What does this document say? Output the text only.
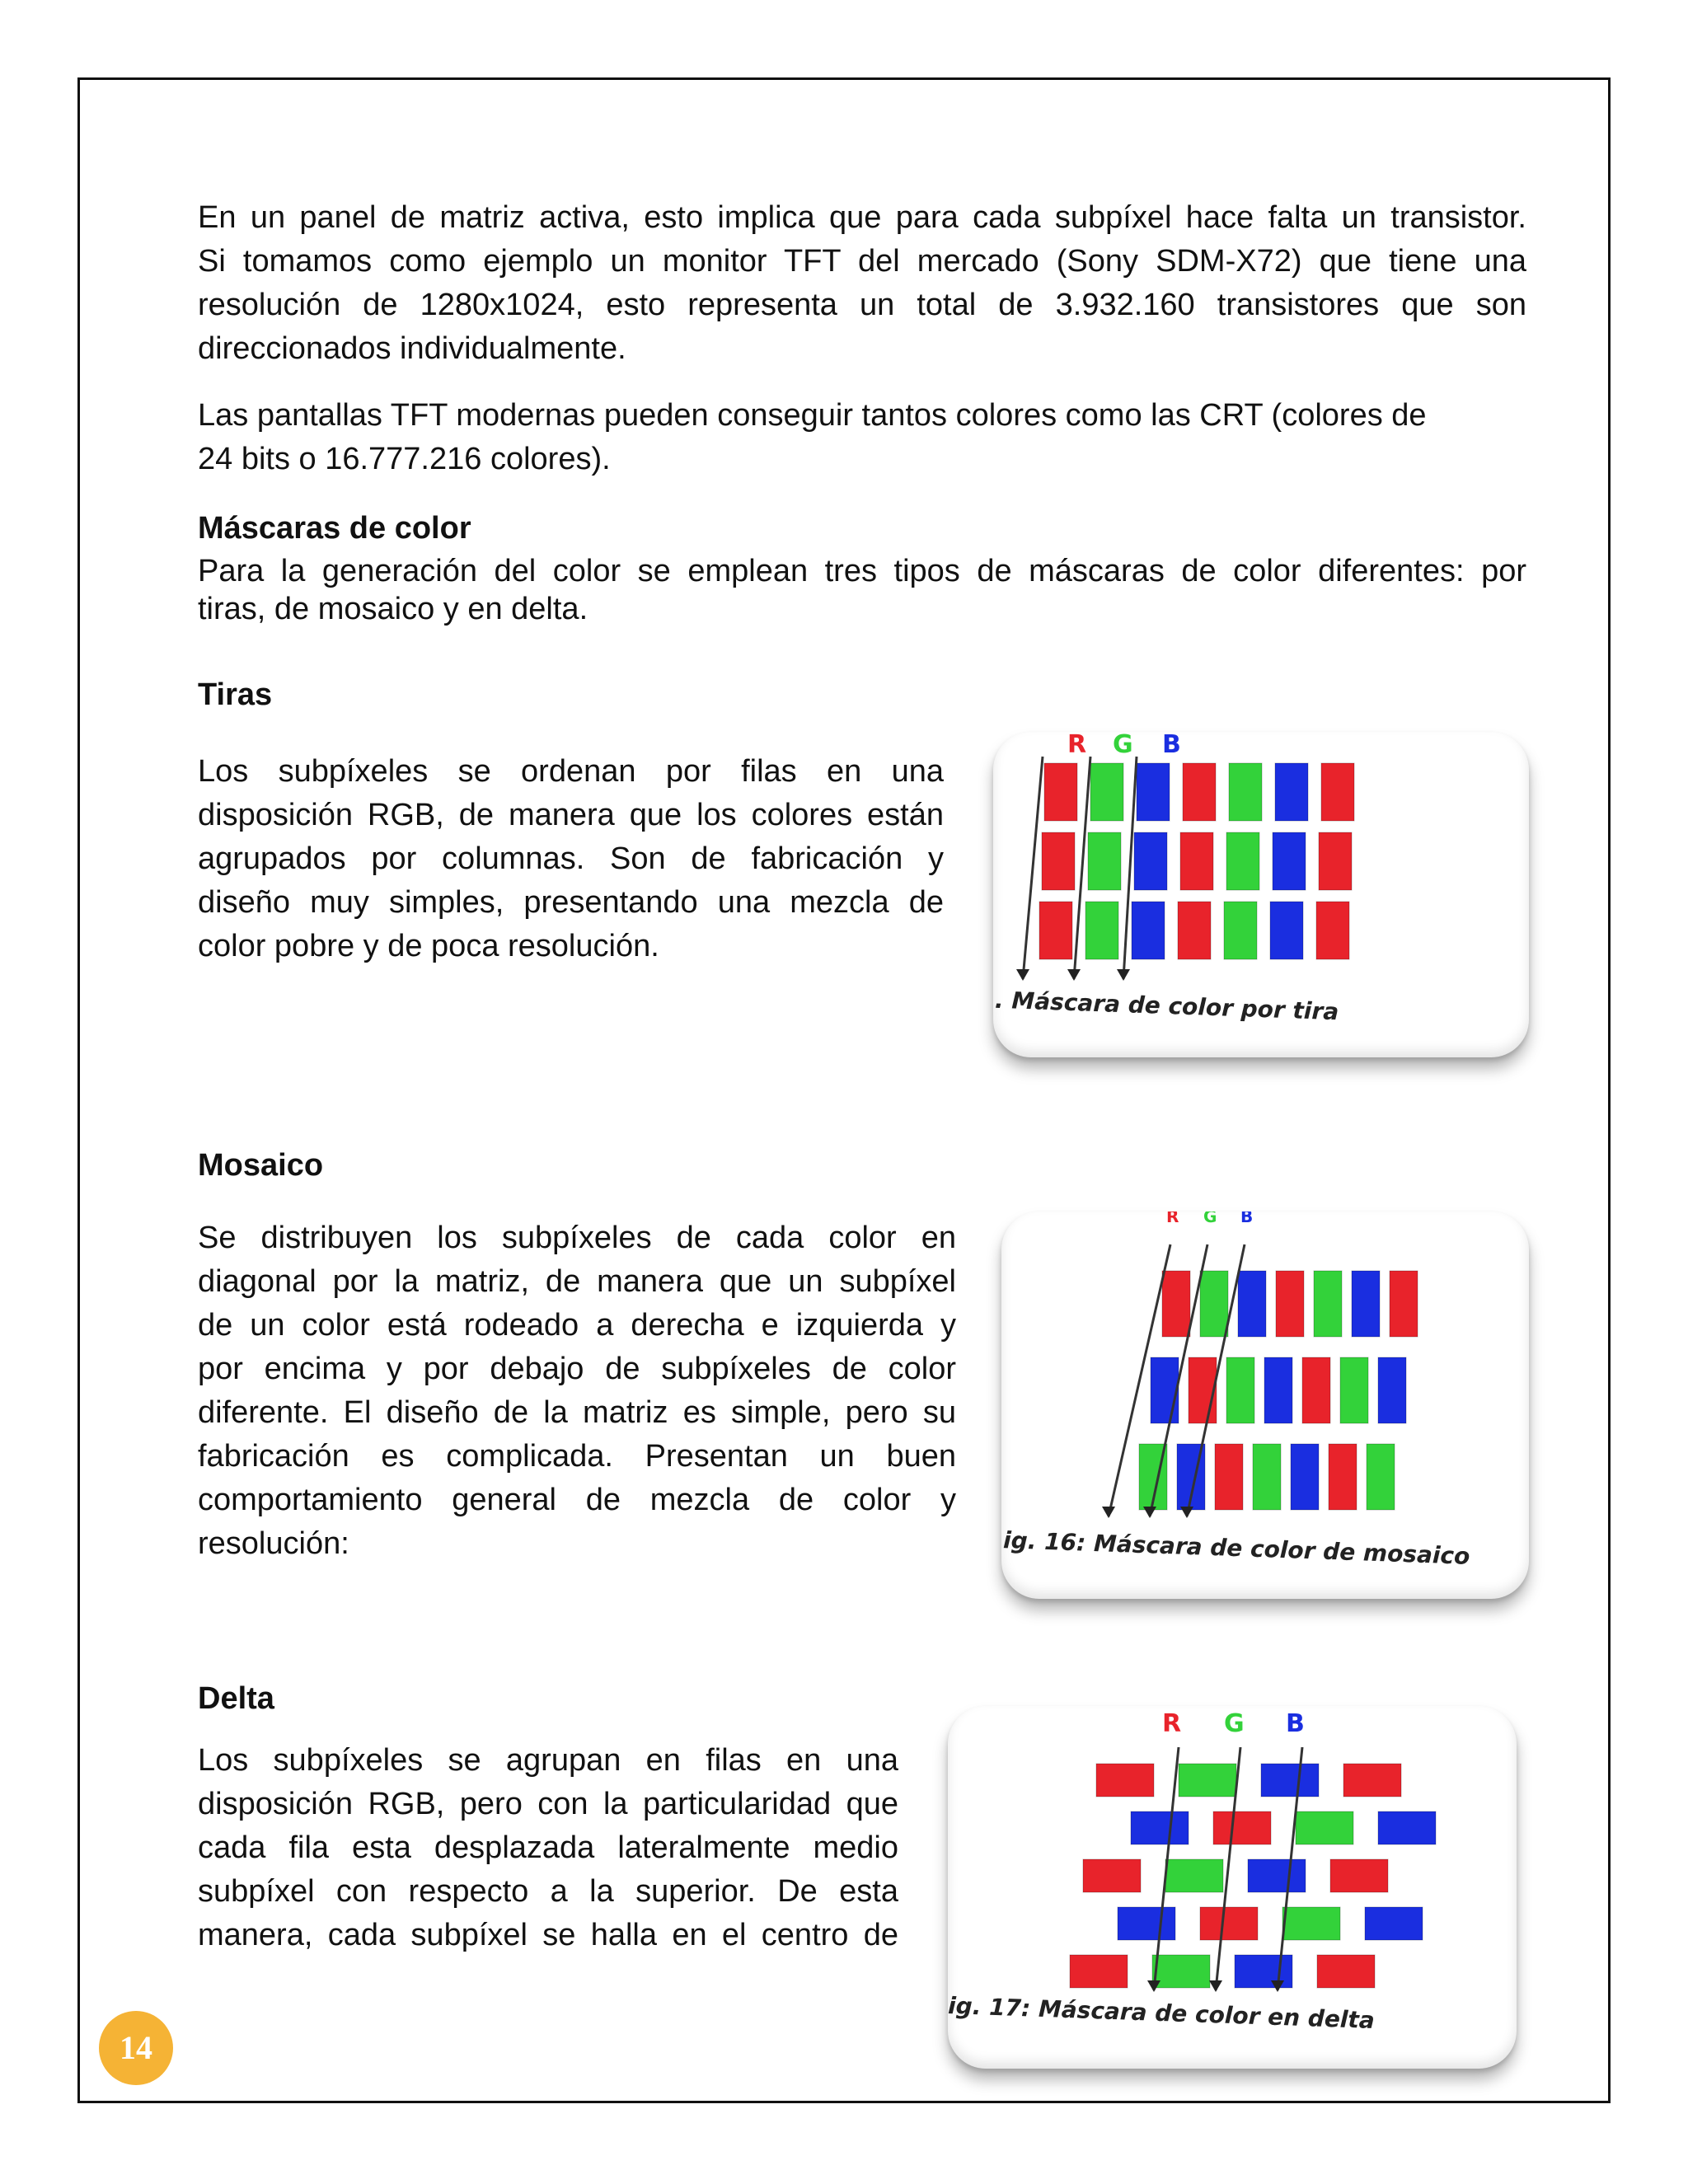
En un panel de matriz activa, esto implica que para cada subpíxel hace falta un transistor.
Si tomamos como ejemplo un monitor TFT del mercado (Sony SDM-X72) que tiene una
resolución de 1280x1024, esto representa un total de 3.932.160 transistores que son
direccionados individualmente.
Las pantallas TFT modernas pueden conseguir tantos colores como las CRT (colores de
24 bits o 16.777.216 colores).
Máscaras de color
Para la generación del color se emplean tres tipos de máscaras de color diferentes: por
tiras, de mosaico y en delta.
Tiras
Los subpíxeles se ordenan por filas en una
disposición RGB, de manera que los colores están
agrupados por columnas. Son de fabricación y
diseño muy simples, presentando una mezcla de
color pobre y de poca resolución.
R G B
. Máscara de color por tira
Mosaico
Se distribuyen los subpíxeles de cada color en
diagonal por la matriz, de manera que un subpíxel
de un color está rodeado a derecha e izquierda y
por encima y por debajo de subpíxeles de color
diferente. El diseño de la matriz es simple, pero su
fabricación es complicada. Presentan un buen
comportamiento general de mezcla de color y
resolución:
R G B
ig. 16: Máscara de color de mosaico
Delta
Los subpíxeles se agrupan en filas en una
disposición RGB, pero con la particularidad que
cada fila esta desplazada lateralmente medio
subpíxel con respecto a la superior. De esta
manera, cada subpíxel se halla en el centro de
R G B
ig. 17: Máscara de color en delta
14
